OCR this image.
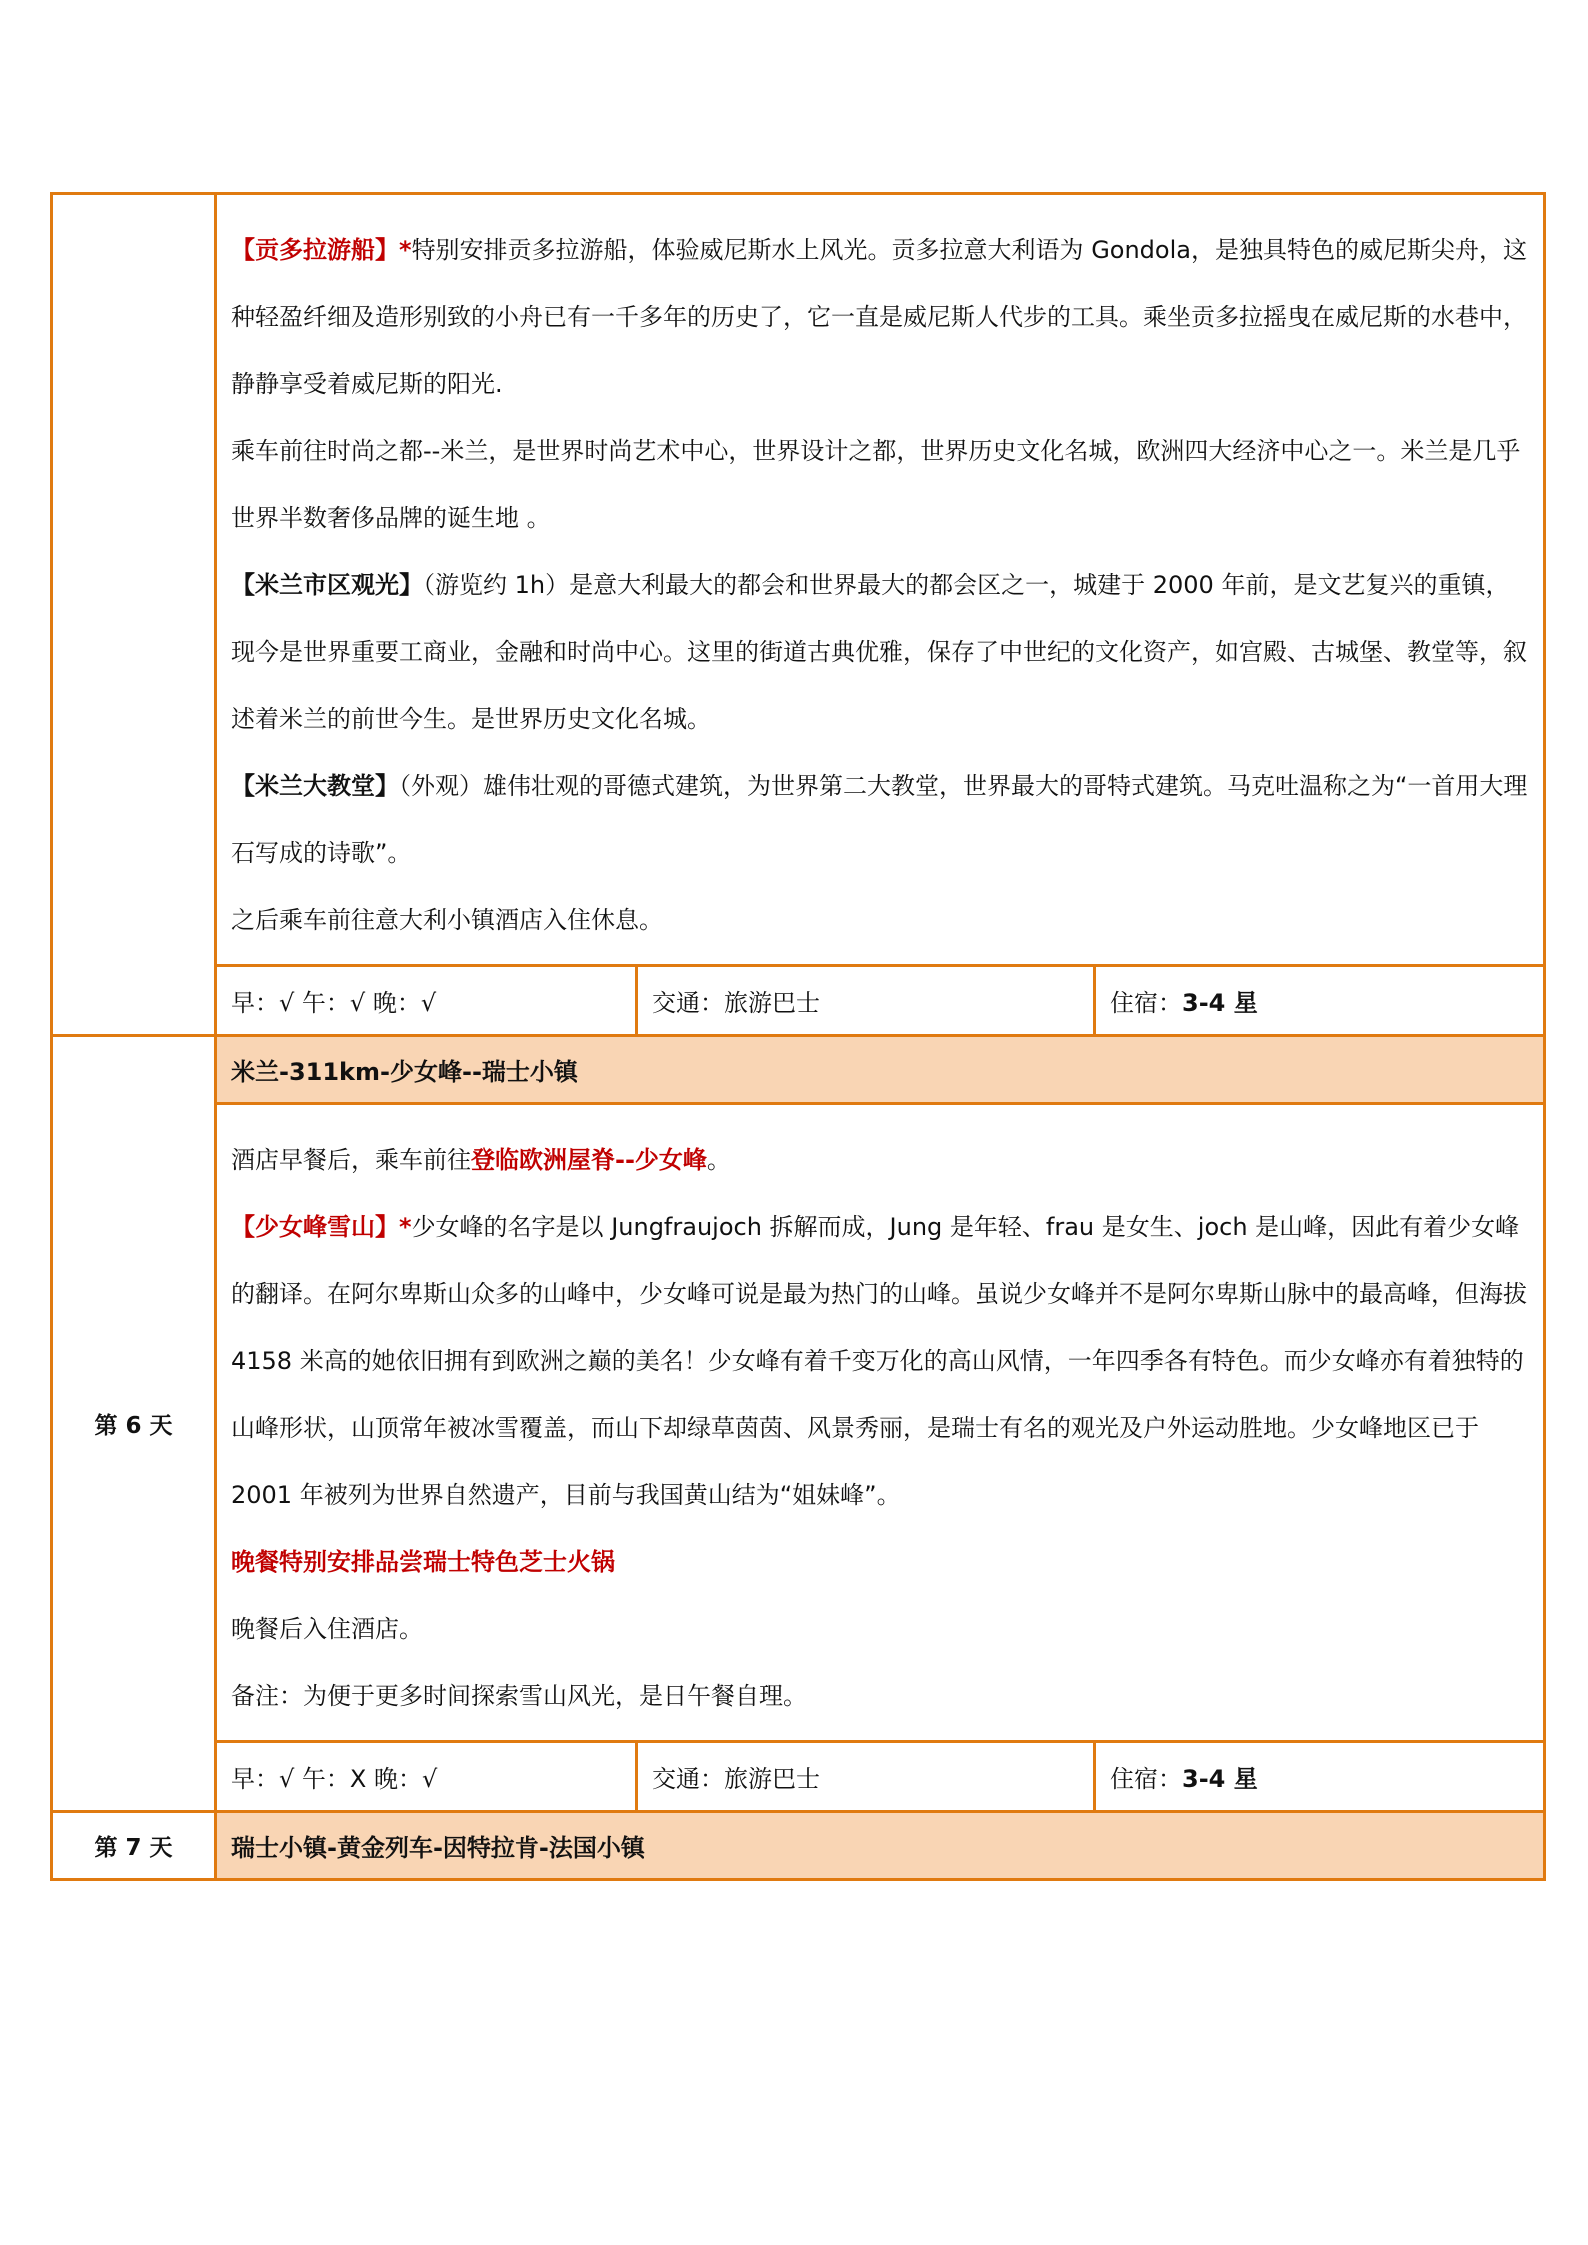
	【贡多拉游船】*特别安排贡多拉游船，体验威尼斯水上风光。贡多拉意大利语为 Gondola，是独具特色的威尼斯尖舟，这种轻盈纤细及造形别致的小舟已有一千多年的历史了，它一直是威尼斯人代步的工具。乘坐贡多拉摇曳在威尼斯的水巷中，静静享受着威尼斯的阳光.

乘车前往时尚之都--米兰，是世界时尚艺术中心，世界设计之都，世界历史文化名城，欧洲四大经济中心之一。米兰是几乎世界半数奢侈品牌的诞生地 。

【米兰市区观光】（游览约 1h）是意大利最大的都会和世界最大的都会区之一，城建于 2000 年前，是文艺复兴的重镇，现今是世界重要工商业，金融和时尚中心。这里的街道古典优雅，保存了中世纪的文化资产，如宫殿、古城堡、教堂等，叙述着米兰的前世今生。是世界历史文化名城。

【米兰大教堂】（外观）雄伟壮观的哥德式建筑，为世界第二大教堂，世界最大的哥特式建筑。马克吐温称之为“一首用大理石写成的诗歌”。

之后乘车前往意大利小镇酒店入住休息。

早：√ 午：√ 晚：√ 交通：旅游巴士 住宿： 3-4 星

第 6 天	米兰-311km-少女峰--瑞士小镇

	酒店早餐后，乘车前往登临欧洲屋脊--少女峰。

【少女峰雪山】*少女峰的名字是以 Jungfraujoch 拆解而成，Jung 是年轻、frau 是女生、joch 是山峰，因此有着少女峰的翻译。在阿尔卑斯山众多的山峰中，少女峰可说是最为热门的山峰。虽说少女峰并不是阿尔卑斯山脉中的最高峰，但海拔 4158 米高的她依旧拥有到欧洲之巅的美名！少女峰有着千变万化的高山风情，一年四季各有特色。而少女峰亦有着独特的山峰形状，山顶常年被冰雪覆盖，而山下却绿草茵茵、风景秀丽，是瑞士有名的观光及户外运动胜地。少女峰地区已于 2001 年被列为世界自然遗产，目前与我国黄山结为“姐妹峰”。

晚餐特别安排品尝瑞士特色芝士火锅

晚餐后入住酒店。

备注：为便于更多时间探索雪山风光，是日午餐自理。

早：√ 午：X 晚：√ 交通：旅游巴士 住宿： 3-4 星

第 7 天	瑞士小镇-黄金列车-因特拉肯-法国小镇
